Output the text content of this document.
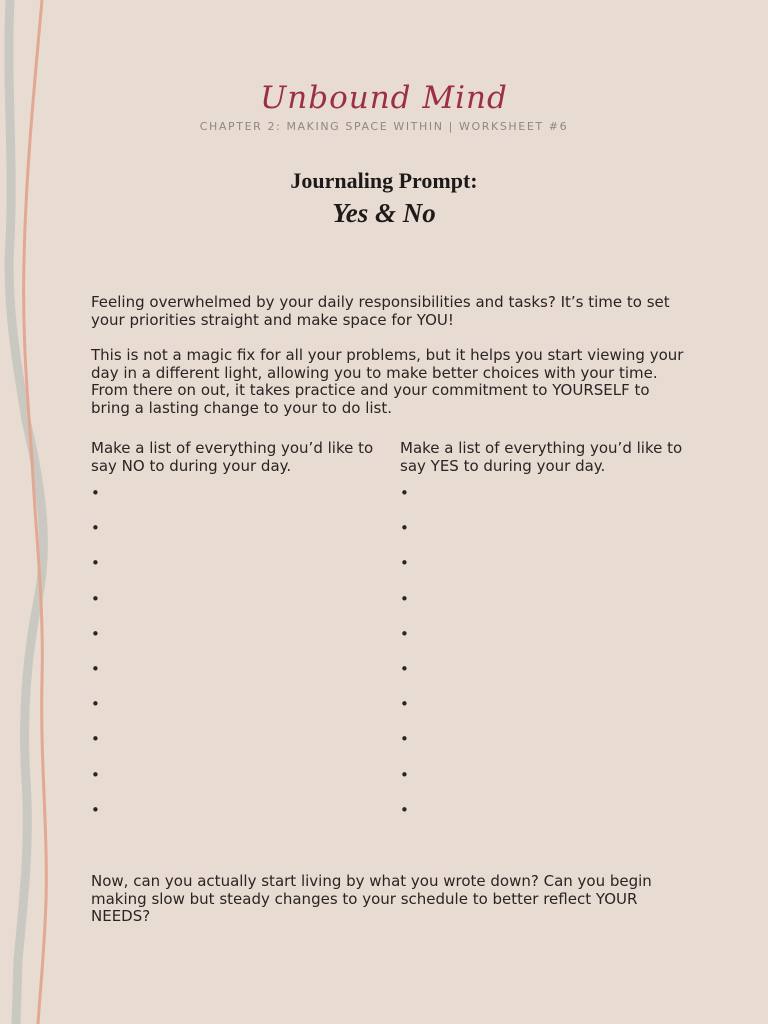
Unbound Mind
CHAPTER 2: MAKING SPACE WITHIN | WORKSHEET #6
Journaling Prompt:
Yes & No
Feeling overwhelmed by your daily responsibilities and tasks? It’s time to set your priorities straight and make space for YOU!
This is not a magic fix for all your problems, but it helps you start viewing your day in a different light, allowing you to make better choices with your time. From there on out, it takes practice and your commitment to YOURSELF to bring a lasting change to your to do list.
Make a list of everything you’d like to say NO to during your day.
•
•
•
•
•
•
•
•
•
•
Make a list of everything you’d like to say YES to during your day.
•
•
•
•
•
•
•
•
•
•
Now, can you actually start living by what you wrote down? Can you begin making slow but steady changes to your schedule to better reflect YOUR NEEDS?
